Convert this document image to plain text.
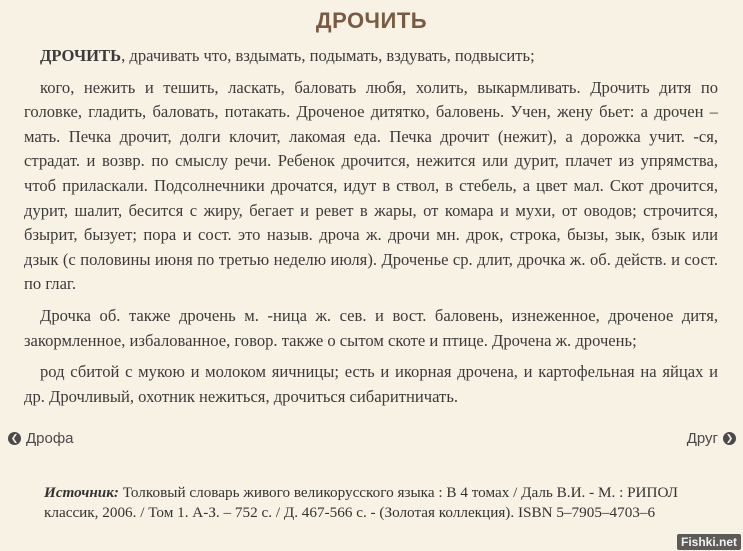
ДРОЧИТЬ

ДРОЧИТЬ, драчивать что, вздымать, подымать, вздувать, подвысить;

кого, нежить и тешить, ласкать, баловать любя, холить, выкармливать. Дрочить дитя по головке, гладить, баловать, потакать. Дроченое дитятко, баловень. Учен, жену бьет: а дрочен – мать. Печка дрочит, долги клочит, лакомая еда. Печка дрочит (нежит), а дорожка учит. -ся, страдат. и возвр. по смыслу речи. Ребенок дрочится, нежится или дурит, плачет из упрямства, чтоб приласкали. Подсолнечники дрочатся, идут в ствол, в стебель, а цвет мал. Скот дрочится, дурит, шалит, бесится с жиру, бегает и ревет в жары, от комара и мухи, от оводов; строчится, бзырит, бызует; пора и сост. это назыв. дроча ж. дрочи мн. дрок, строка, бызы, зык, бзык или дзык (с половины июня по третью неделю июля). Дроченье ср. длит, дрочка ж. об. действ. и сост. по глаг.

Дрочка об. также дрочень м. -ница ж. сев. и вост. баловень, изнеженное, дроченое дитя, закормленное, избалованное, говор. также о сытом скоте и птице. Дрочена ж. дрочень;

род сбитой с мукою и молоком яичницы; есть и икорная дрочена, и картофельная на яйцах и др. Дрочливый, охотник нежиться, дрочиться сибаритничать.

❮ Дрофа	Друг ❯
Источник: Толковый словарь живого великорусского языка : В 4 томах / Даль В.И. - М. : РИПОЛ классик, 2006. / Том 1. А-З. – 752 с. / Д. 467-566 с. - (Золотая коллекция). ISBN 5–7905–4703–6
Fishki.net
